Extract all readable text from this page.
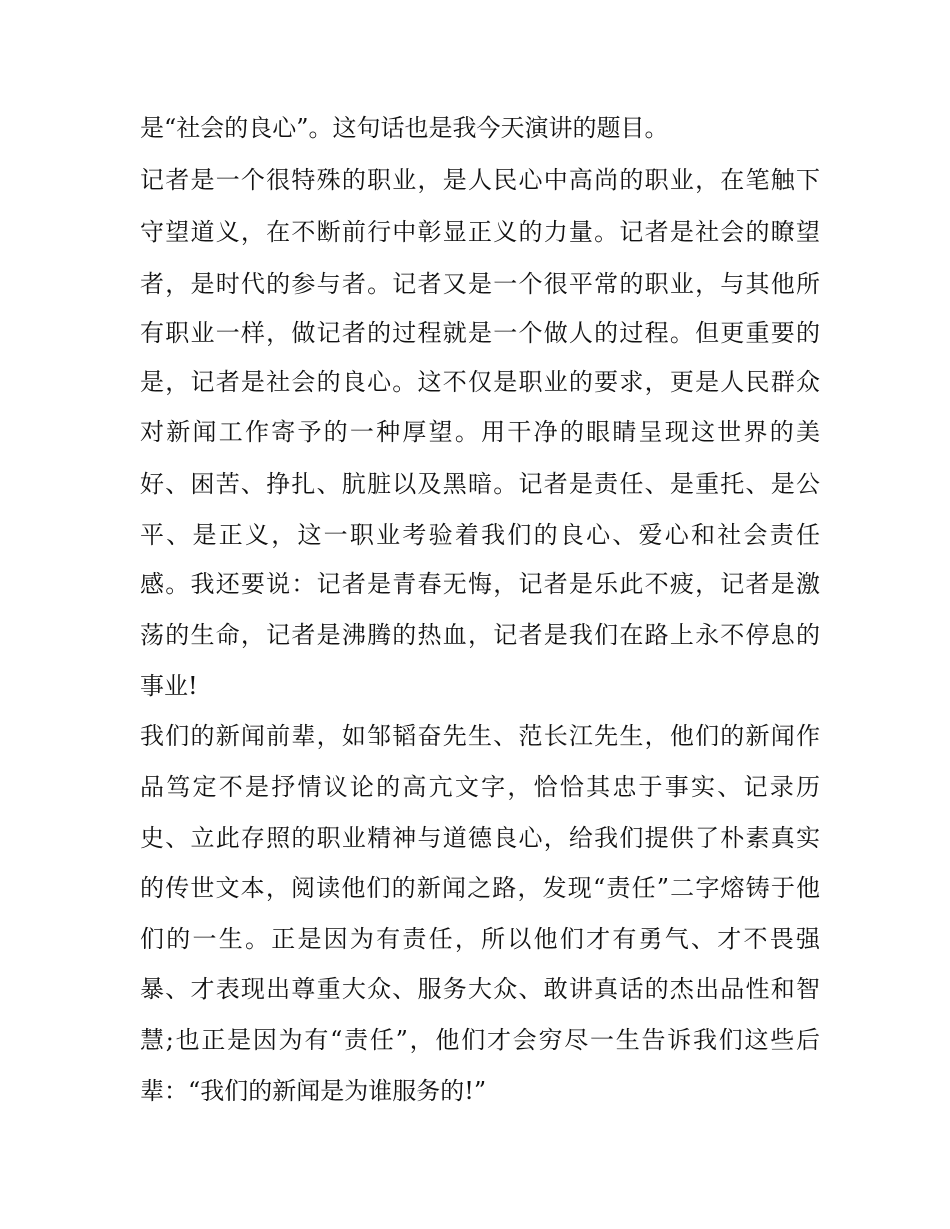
是“社会的良心”。这句话也是我今天演讲的题目。
记者是一个很特殊的职业，是人民心中高尚的职业，在笔触下
守望道义，在不断前行中彰显正义的力量。记者是社会的瞭望
者，是时代的参与者。记者又是一个很平常的职业，与其他所
有职业一样，做记者的过程就是一个做人的过程。但更重要的
是，记者是社会的良心。这不仅是职业的要求，更是人民群众
对新闻工作寄予的一种厚望。用干净的眼睛呈现这世界的美
好、困苦、挣扎、肮脏以及黑暗。记者是责任、是重托、是公
平、是正义，这一职业考验着我们的良心、爱心和社会责任
感。我还要说：记者是青春无悔，记者是乐此不疲，记者是激
荡的生命，记者是沸腾的热血，记者是我们在路上永不停息的
事业!
我们的新闻前辈，如邹韬奋先生、范长江先生，他们的新闻作
品笃定不是抒情议论的高亢文字，恰恰其忠于事实、记录历
史、立此存照的职业精神与道德良心，给我们提供了朴素真实
的传世文本，阅读他们的新闻之路，发现“责任”二字熔铸于他
们的一生。正是因为有责任，所以他们才有勇气、才不畏强
暴、才表现出尊重大众、服务大众、敢讲真话的杰出品性和智
慧;也正是因为有“责任”，他们才会穷尽一生告诉我们这些后
辈：“我们的新闻是为谁服务的!”
